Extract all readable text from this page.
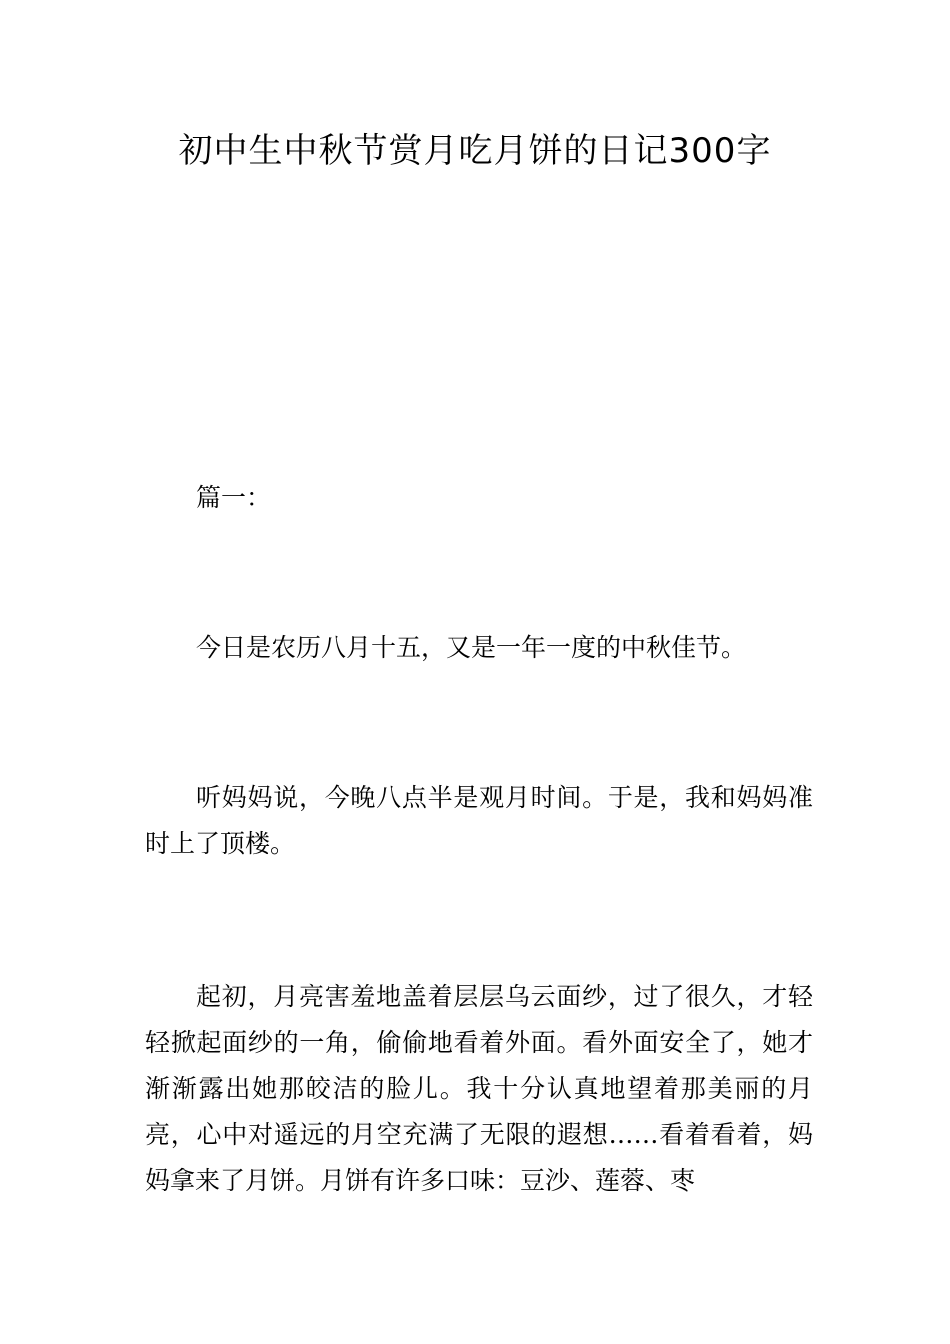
初中生中秋节赏月吃月饼的日记300字

篇一：

今日是农历八月十五，又是一年一度的中秋佳节。

听妈妈说，今晚八点半是观月时间。于是，我和妈妈准时上了顶楼。

起初，月亮害羞地盖着层层乌云面纱，过了很久，才轻轻掀起面纱的一角，偷偷地看着外面。看外面安全了，她才渐渐露出她那皎洁的脸儿。我十分认真地望着那美丽的月亮，心中对遥远的月空充满了无限的遐想……看着看着，妈妈拿来了月饼。月饼有许多口味：豆沙、莲蓉、枣
